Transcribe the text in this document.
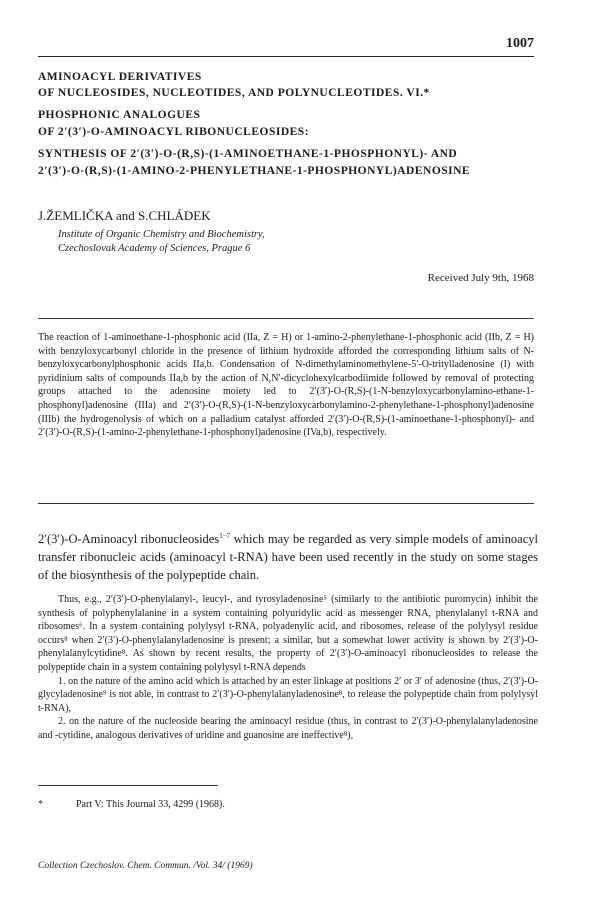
1007
AMINOACYL DERIVATIVES
OF NUCLEOSIDES, NUCLEOTIDES, AND POLYNUCLEOTIDES. VI.*
PHOSPHONIC ANALOGUES
OF 2′(3′)-O-AMINOACYL RIBONUCLEOSIDES:
SYNTHESIS OF 2′(3′)-O-(R,S)-(1-AMINOETHANE-1-PHOSPHONYL)- AND
2′(3′)-O-(R,S)-(1-AMINO-2-PHENYLETHANE-1-PHOSPHONYL)ADENOSINE
J.ŽEMLIČKA and S.CHLÁDEK
Institute of Organic Chemistry and Biochemistry,
Czechoslovak Academy of Sciences, Prague 6
Received July 9th, 1968
The reaction of 1-aminoethane-1-phosphonic acid (IIa, Z = H) or 1-amino-2-phenylethane-1-phosphonic acid (IIb, Z = H) with benzyloxycarbonyl chloride in the presence of lithium hydroxide afforded the corresponding lithium salts of N-benzyloxycarbonylphosphonic acids IIa,b. Condensation of N-dimethylaminomethylene-5′-O-tritylladenosine (I) with pyridinium salts of compounds IIa,b by the action of N,N′-dicyclohexylcarbodiimide followed by removal of protecting groups attached to the adenosine moiety led to 2′(3′)-O-(R,S)-(1-N-benzyloxycarbonylamino-ethane-1-phosphonyl)adenosine (IIIa) and 2′(3′)-O-(R,S)-(1-N-benzyloxycarbonylamino-2-phenylethane-1-phosphonyl)adenosine (IIIb) the hydrogenolysis of which on a palladium catalyst afforded 2′(3′)-O-(R,S)-(1-aminoethane-1-phosphonyl)- and 2′(3′)-O-(R,S)-(1-amino-2-phenylethane-1-phosphonyl)adenosine (IVa,b), respectively.
2′(3′)-O-Aminoacyl ribonucleosides$^{1-7}$ which may be regarded as very simple models of aminoacyl transfer ribonucleic acids (aminoacyl t-RNA) have been used recently in the study on some stages of the biosynthesis of the polypeptide chain.

Thus, e.g., 2′(3′)-O-phenylalanyl-, leucyl-, and tyrosyladenosine⁵ (similarly to the antibiotic puromycin) inhibit the synthesis of polyphenylalanine in a system containing polyuridylic acid as messenger RNA, phenylalanyl t-RNA and ribosomes⁶. In a system containing polylysyl t-RNA, polyadenylic acid, and ribosomes, release of the polylysyl residue occurs⁸ when 2′(3′)-O-phenylalanyladenosine is present; a similar, but a somewhat lower activity is shown by 2′(3′)-O-phenylalanylcytidine⁸. As shown by recent results, the property of 2′(3′)-O-aminoacyl ribonucleosides to release the polypeptide chain in a system containing polylysyl t-RNA depends

1. on the nature of the amino acid which is attached by an ester linkage at positions 2′ or 3′ of adenosine (thus, 2′(3′)-O-glycyladenosine⁹ is not able, in contrast to 2′(3′)-O-phenylalanyladenosine⁸, to release the polypeptide chain from polylysyl t-RNA),

2. on the nature of the nucleoside bearing the aminoacyl residue (thus, in contrast to 2′(3′)-O-phenylalanyladenosine and -cytidine, analogous derivatives of uridine and guanosine are ineffective⁸),

*	Part V: This Journal 33, 4299 (1968).
Collection Czechoslov. Chem. Commun. /Vol. 34/ (1969)
